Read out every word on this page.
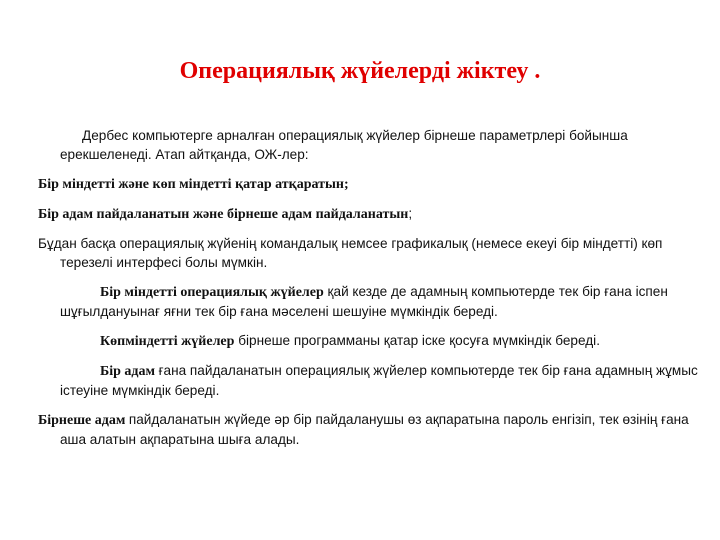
Операциялық жүйелерді жіктеу .

Дербес компьютерге арналған операциялық жүйелер бірнеше параметрлері бойынша ерекшеленеді. Атап айтқанда, ОЖ-лер:

Бір міндетті және көп міндетті қатар атқаратын;

Бір адам пайдаланатын және бірнеше адам пайдаланатын;

Бұдан басқа операциялық жүйенің командалық немсее графикалық (немесе екеуі бір міндетті) көп терезелі интерфесі болы мүмкін.

Бір міндетті операциялық жүйелер қай кезде де адамның компьютерде тек бір ғана іспен шұғылдануынағ яғни тек бір ғана мәселені шешуіне мүмкіндік береді.

Көпміндетті жүйелер бірнеше программаны қатар іске қосуға мүмкіндік береді.

Бір адам ғана пайдаланатын операциялық жүйелер компьютерде тек бір ғана адамның жұмыс істеуіне мүмкіндік береді.

Бірнеше адам пайдаланатын жүйеде әр бір пайдаланушы өз ақпаратына пароль енгізіп, тек өзінің ғана аша алатын ақпаратына шыға алады.
